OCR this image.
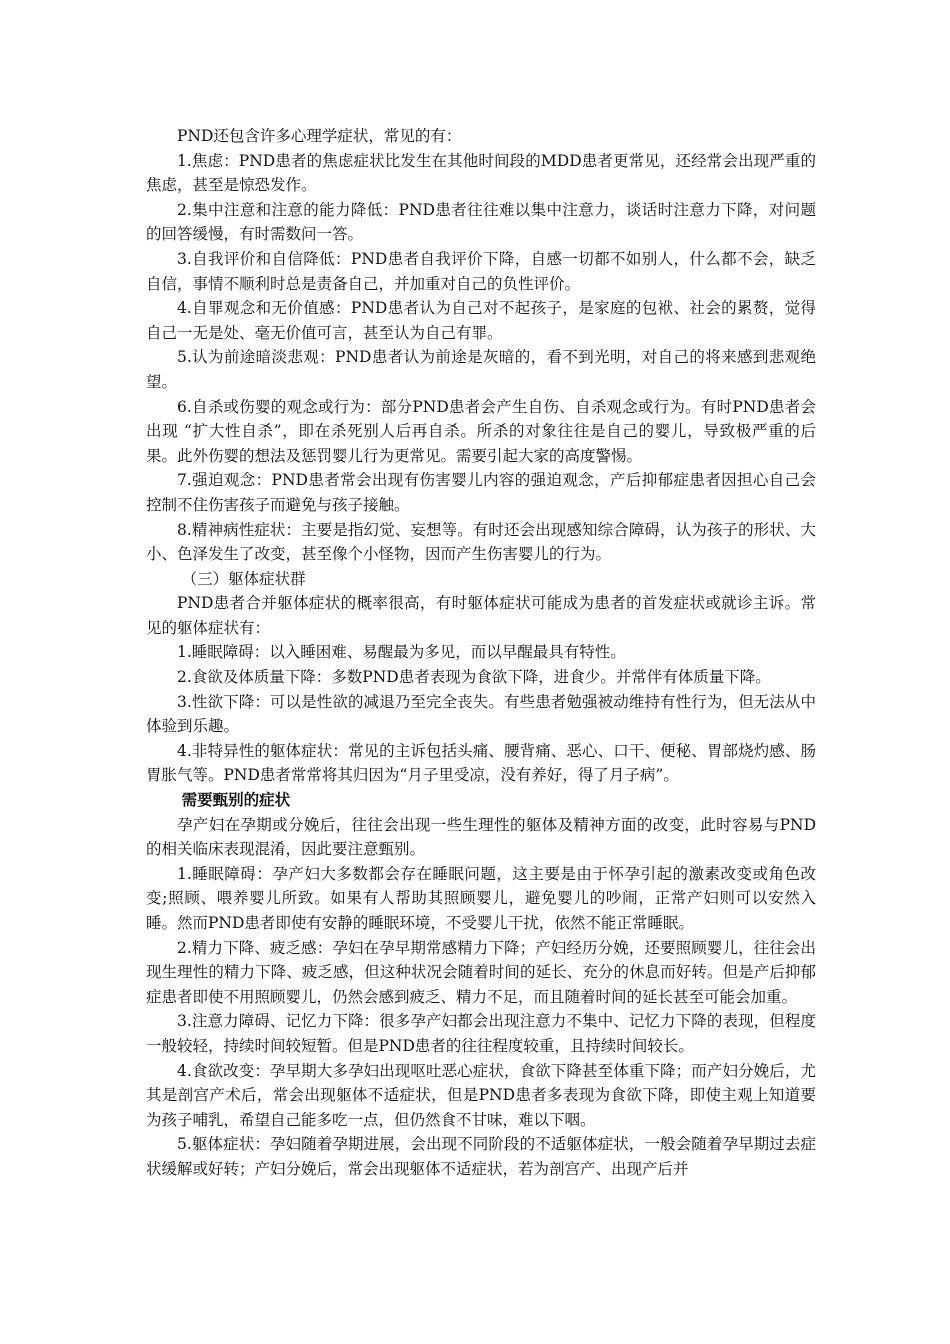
PND还包含许多心理学症状，常见的有：

1.焦虑：PND患者的焦虑症状比发生在其他时间段的MDD患者更常见，还经常会出现严重的焦虑，甚至是惊恐发作。

2.集中注意和注意的能力降低：PND患者往往难以集中注意力，谈话时注意力下降，对问题的回答缓慢，有时需数问一答。

3.自我评价和自信降低：PND患者自我评价下降，自感一切都不如别人，什么都不会，缺乏自信，事情不顺利时总是责备自己，并加重对自己的负性评价。

4.自罪观念和无价值感：PND患者认为自己对不起孩子，是家庭的包袱、社会的累赘，觉得自己一无是处、毫无价值可言，甚至认为自己有罪。

5.认为前途暗淡悲观：PND患者认为前途是灰暗的，看不到光明，对自己的将来感到悲观绝望。

6.自杀或伤婴的观念或行为：部分PND患者会产生自伤、自杀观念或行为。有时PND患者会出现 “扩大性自杀”，即在杀死别人后再自杀。所杀的对象往往是自己的婴儿，导致极严重的后果。此外伤婴的想法及惩罚婴儿行为更常见。需要引起大家的高度警惕。

7.强迫观念：PND患者常会出现有伤害婴儿内容的强迫观念，产后抑郁症患者因担心自己会控制不住伤害孩子而避免与孩子接触。

8.精神病性症状：主要是指幻觉、妄想等。有时还会出现感知综合障碍，认为孩子的形状、大小、色泽发生了改变，甚至像个小怪物，因而产生伤害婴儿的行为。

（三）躯体症状群

PND患者合并躯体症状的概率很高，有时躯体症状可能成为患者的首发症状或就诊主诉。常见的躯体症状有：

1.睡眠障碍：以入睡困难、易醒最为多见，而以早醒最具有特性。

2.食欲及体质量下降：多数PND患者表现为食欲下降，进食少。并常伴有体质量下降。

3.性欲下降：可以是性欲的减退乃至完全丧失。有些患者勉强被动维持有性行为，但无法从中体验到乐趣。

4.非特异性的躯体症状：常见的主诉包括头痛、腰背痛、恶心、口干、便秘、胃部烧灼感、肠胃胀气等。PND患者常常将其归因为“月子里受凉，没有养好，得了月子病”。

需要甄别的症状

孕产妇在孕期或分娩后，往往会出现一些生理性的躯体及精神方面的改变，此时容易与PND的相关临床表现混淆，因此要注意甄别。

1.睡眠障碍：孕产妇大多数都会存在睡眠问题，这主要是由于怀孕引起的激素改变或角色改变;照顾、喂养婴儿所致。如果有人帮助其照顾婴儿，避免婴儿的吵闹，正常产妇则可以安然入睡。然而PND患者即使有安静的睡眠环境，不受婴儿干扰，依然不能正常睡眠。

2.精力下降、疲乏感：孕妇在孕早期常感精力下降；产妇经历分娩，还要照顾婴儿，往往会出现生理性的精力下降、疲乏感，但这种状况会随着时间的延长、充分的休息而好转。但是产后抑郁症患者即使不用照顾婴儿，仍然会感到疲乏、精力不足，而且随着时间的延长甚至可能会加重。

3.注意力障碍、记忆力下降：很多孕产妇都会出现注意力不集中、记忆力下降的表现，但程度一般较轻，持续时间较短暂。但是PND患者的往往程度较重，且持续时间较长。

4.食欲改变：孕早期大多孕妇出现呕吐恶心症状，食欲下降甚至体重下降；而产妇分娩后，尤其是剖宫产术后，常会出现躯体不适症状，但是PND患者多表现为食欲下降，即使主观上知道要为孩子哺乳，希望自己能多吃一点，但仍然食不甘味，难以下咽。

5.躯体症状：孕妇随着孕期进展，会出现不同阶段的不适躯体症状，一般会随着孕早期过去症状缓解或好转；产妇分娩后，常会出现躯体不适症状，若为剖宫产、出现产后并
